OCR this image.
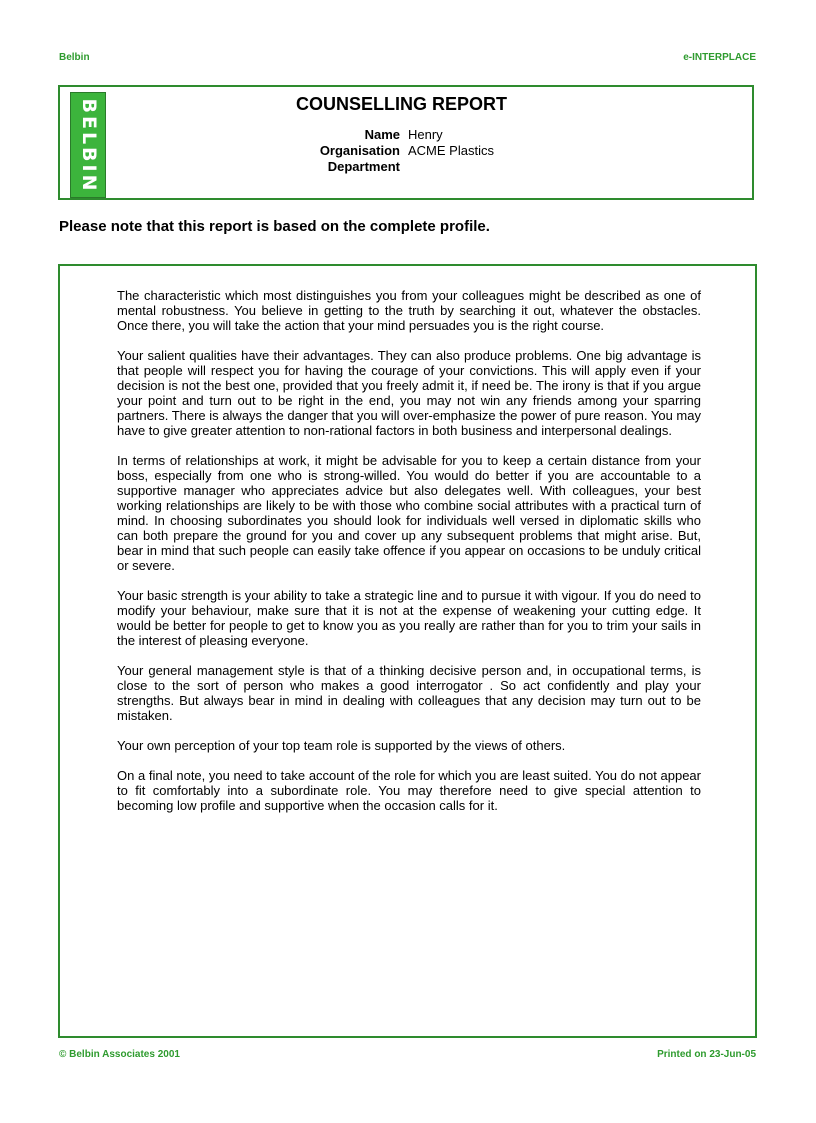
Belbin	e-INTERPLACE
BELBIN	COUNSELLING REPORT
Name Henry
Organisation ACME Plastics
Department
Please note that this report is based on the complete profile.

The characteristic which most distinguishes you from your colleagues might be described as one of mental robustness. You believe in getting to the truth by searching it out, whatever the obstacles. Once there, you will take the action that your mind persuades you is the right course.

Your salient qualities have their advantages. They can also produce problems. One big advantage is that people will respect you for having the courage of your convictions. This will apply even if your decision is not the best one, provided that you freely admit it, if need be. The irony is that if you argue your point and turn out to be right in the end, you may not win any friends among your sparring partners. There is always the danger that you will over-emphasize the power of pure reason. You may have to give greater attention to non-rational factors in both business and interpersonal dealings.

In terms of relationships at work, it might be advisable for you to keep a certain distance from your boss, especially from one who is strong-willed. You would do better if you are accountable to a supportive manager who appreciates advice but also delegates well. With colleagues, your best working relationships are likely to be with those who combine social attributes with a practical turn of mind. In choosing subordinates you should look for individuals well versed in diplomatic skills who can both prepare the ground for you and cover up any subsequent problems that might arise. But, bear in mind that such people can easily take offence if you appear on occasions to be unduly critical or severe.

Your basic strength is your ability to take a strategic line and to pursue it with vigour. If you do need to modify your behaviour, make sure that it is not at the expense of weakening your cutting edge. It would be better for people to get to know you as you really are rather than for you to trim your sails in the interest of pleasing everyone.

Your general management style is that of a thinking decisive person and, in occupational terms, is close to the sort of person who makes a good interrogator . So act confidently and play your strengths. But always bear in mind in dealing with colleagues that any decision may turn out to be mistaken.

Your own perception of your top team role is supported by the views of others.

On a final note, you need to take account of the role for which you are least suited. You do not appear to fit comfortably into a subordinate role. You may therefore need to give special attention to becoming low profile and supportive when the occasion calls for it.

© Belbin Associates 2001	Printed on 23-Jun-05
